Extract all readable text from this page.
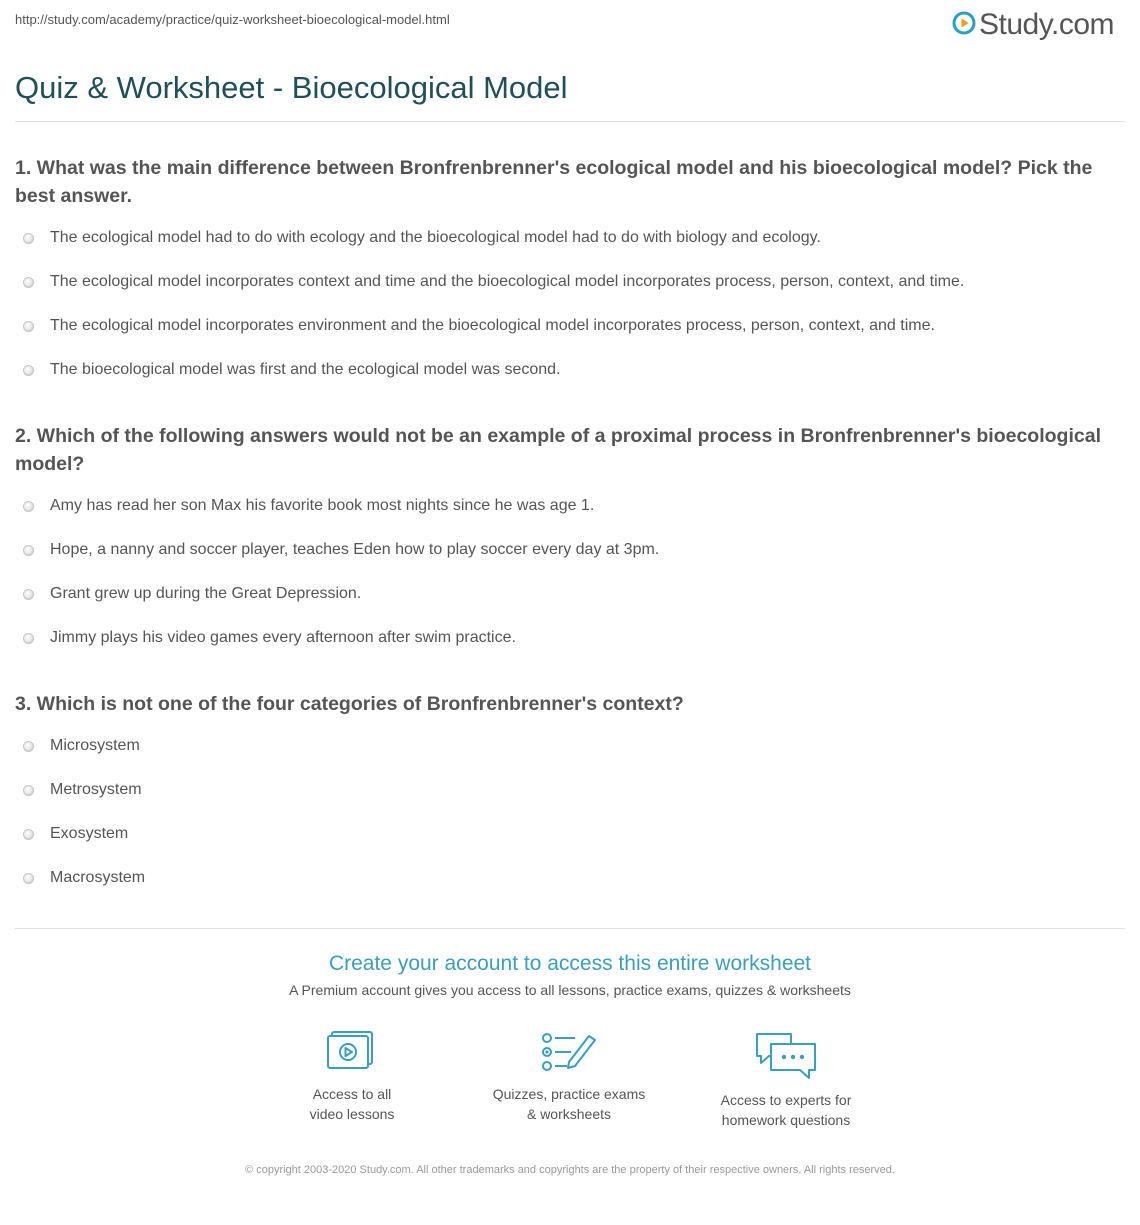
http://study.com/academy/practice/quiz-worksheet-bioecological-model.html	Study.com
Quiz & Worksheet - Bioecological Model
1. What was the main difference between Bronfrenbrenner's ecological model and his bioecological model? Pick the best answer.
The ecological model had to do with ecology and the bioecological model had to do with biology and ecology.
The ecological model incorporates context and time and the bioecological model incorporates process, person, context, and time.
The ecological model incorporates environment and the bioecological model incorporates process, person, context, and time.
The bioecological model was first and the ecological model was second.
2. Which of the following answers would not be an example of a proximal process in Bronfrenbrenner's bioecological model?
Amy has read her son Max his favorite book most nights since he was age 1.
Hope, a nanny and soccer player, teaches Eden how to play soccer every day at 3pm.
Grant grew up during the Great Depression.
Jimmy plays his video games every afternoon after swim practice.
3. Which is not one of the four categories of Bronfrenbrenner's context?
Microsystem
Metrosystem
Exosystem
Macrosystem
Create your account to access this entire worksheet
A Premium account gives you access to all lessons, practice exams, quizzes & worksheets
Access to all
video lessons
Quizzes, practice exams
& worksheets
Access to experts for
homework questions
© copyright 2003-2020 Study.com. All other trademarks and copyrights are the property of their respective owners. All rights reserved.
